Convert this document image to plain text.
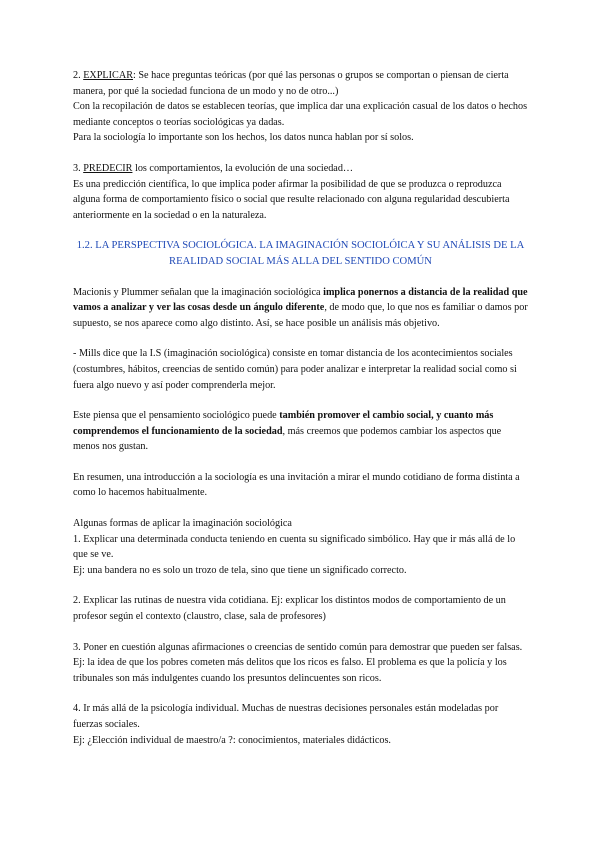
2. EXPLICAR: Se hace preguntas teóricas (por qué las personas o grupos se comportan o piensan de cierta manera, por qué la sociedad funciona de un modo y no de otro...)

Con la recopilación de datos se establecen teorías, que implica dar una explicación casual de los datos o hechos mediante conceptos o teorías sociológicas ya dadas.

Para la sociología lo importante son los hechos, los datos nunca hablan por sí solos.

3. PREDECIR los comportamientos, la evolución de una sociedad…

Es una predicción científica, lo que implica poder afirmar la posibilidad de que se produzca o reproduzca alguna forma de comportamiento físico o social que resulte relacionado con alguna regularidad descubierta anteriormente en la sociedad o en la naturaleza.

1.2. LA PERSPECTIVA SOCIOLÓGICA. LA IMAGINACIÓN SOCIOLÓICA Y SU ANÁLISIS DE LA REALIDAD SOCIAL MÁS ALLA DEL SENTIDO COMÚN

Macionis y Plummer señalan que la imaginación sociológica implica ponernos a distancia de la realidad que vamos a analizar y ver las cosas desde un ángulo diferente, de modo que, lo que nos es familiar o damos por supuesto, se nos aparece como algo distinto. Así, se hace posible un análisis más objetivo.

- Mills dice que la I.S (imaginación sociológica) consiste en tomar distancia de los acontecimientos sociales (costumbres, hábitos, creencias de sentido común) para poder analizar e interpretar la realidad social como si fuera algo nuevo y así poder comprenderla mejor.

Este piensa que el pensamiento sociológico puede también promover el cambio social, y cuanto más comprendemos el funcionamiento de la sociedad, más creemos que podemos cambiar los aspectos que menos nos gustan.

En resumen, una introducción a la sociología es una invitación a mirar el mundo cotidiano de forma distinta a como lo hacemos habitualmente.

Algunas formas de aplicar la imaginación sociológica

1. Explicar una determinada conducta teniendo en cuenta su significado simbólico. Hay que ir más allá de lo que se ve.

Ej: una bandera no es solo un trozo de tela, sino que tiene un significado correcto.

2. Explicar las rutinas de nuestra vida cotidiana. Ej: explicar los distintos modos de comportamiento de un profesor según el contexto (claustro, clase, sala de profesores)

3. Poner en cuestión algunas afirmaciones o creencias de sentido común para demostrar que pueden ser falsas.

Ej: la idea de que los pobres cometen más delitos que los ricos es falso. El problema es que la policía y los tribunales son más indulgentes cuando los presuntos delincuentes son ricos.

4. Ir más allá de la psicología individual. Muchas de nuestras decisiones personales están modeladas por fuerzas sociales.

Ej: ¿Elección individual de maestro/a ?: conocimientos, materiales didácticos.
